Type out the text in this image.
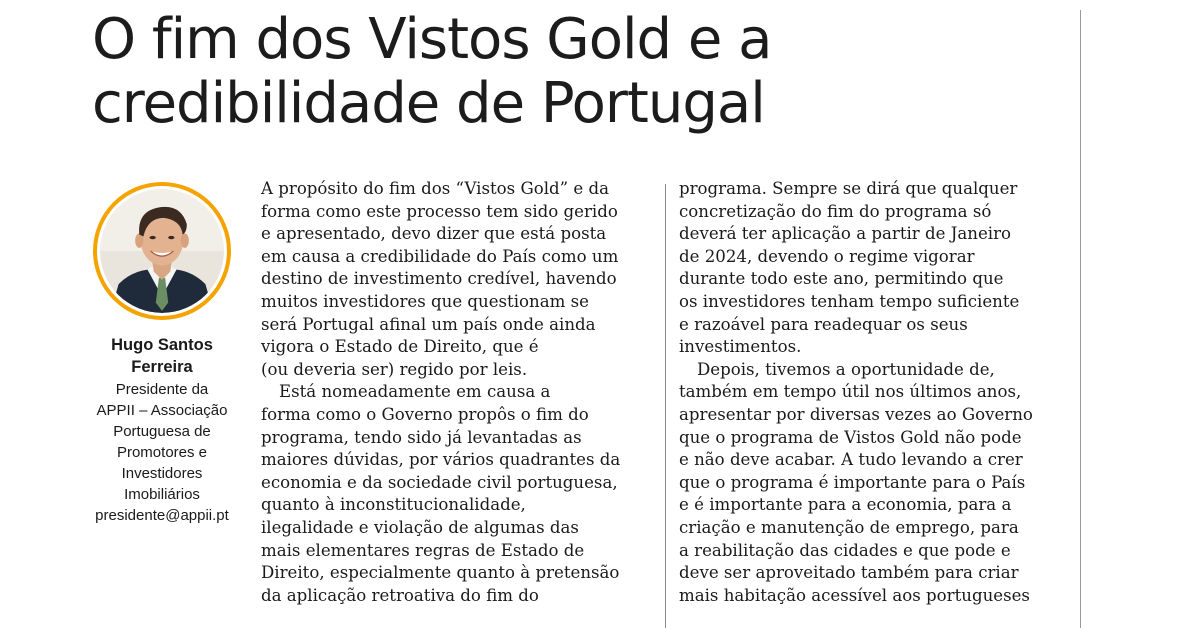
O fim dos Vistos Gold e a
credibilidade de Portugal
Hugo Santos
Ferreira
Presidente da
APPII – Associação
Portuguesa de
Promotores e
Investidores
Imobiliários
presidente@appii.pt
A propósito do fim dos “Vistos Gold” e da
forma como este processo tem sido gerido
e apresentado, devo dizer que está posta
em causa a credibilidade do País como um
destino de investimento credível, havendo
muitos investidores que questionam se
será Portugal afinal um país onde ainda
vigora o Estado de Direito, que é
(ou deveria ser) regido por leis.
Está nomeadamente em causa a
forma como o Governo propôs o fim do
programa, tendo sido já levantadas as
maiores dúvidas, por vários quadrantes da
economia e da sociedade civil portuguesa,
quanto à inconstitucionalidade,
ilegalidade e violação de algumas das
mais elementares regras de Estado de
Direito, especialmente quanto à pretensão
da aplicação retroativa do fim do
programa. Sempre se dirá que qualquer
concretização do fim do programa só
deverá ter aplicação a partir de Janeiro
de 2024, devendo o regime vigorar
durante todo este ano, permitindo que
os investidores tenham tempo suficiente
e razoável para readequar os seus
investimentos.
Depois, tivemos a oportunidade de,
também em tempo útil nos últimos anos,
apresentar por diversas vezes ao Governo
que o programa de Vistos Gold não pode
e não deve acabar. A tudo levando a crer
que o programa é importante para o País
e é importante para a economia, para a
criação e manutenção de emprego, para
a reabilitação das cidades e que pode e
deve ser aproveitado também para criar
mais habitação acessível aos portugueses
